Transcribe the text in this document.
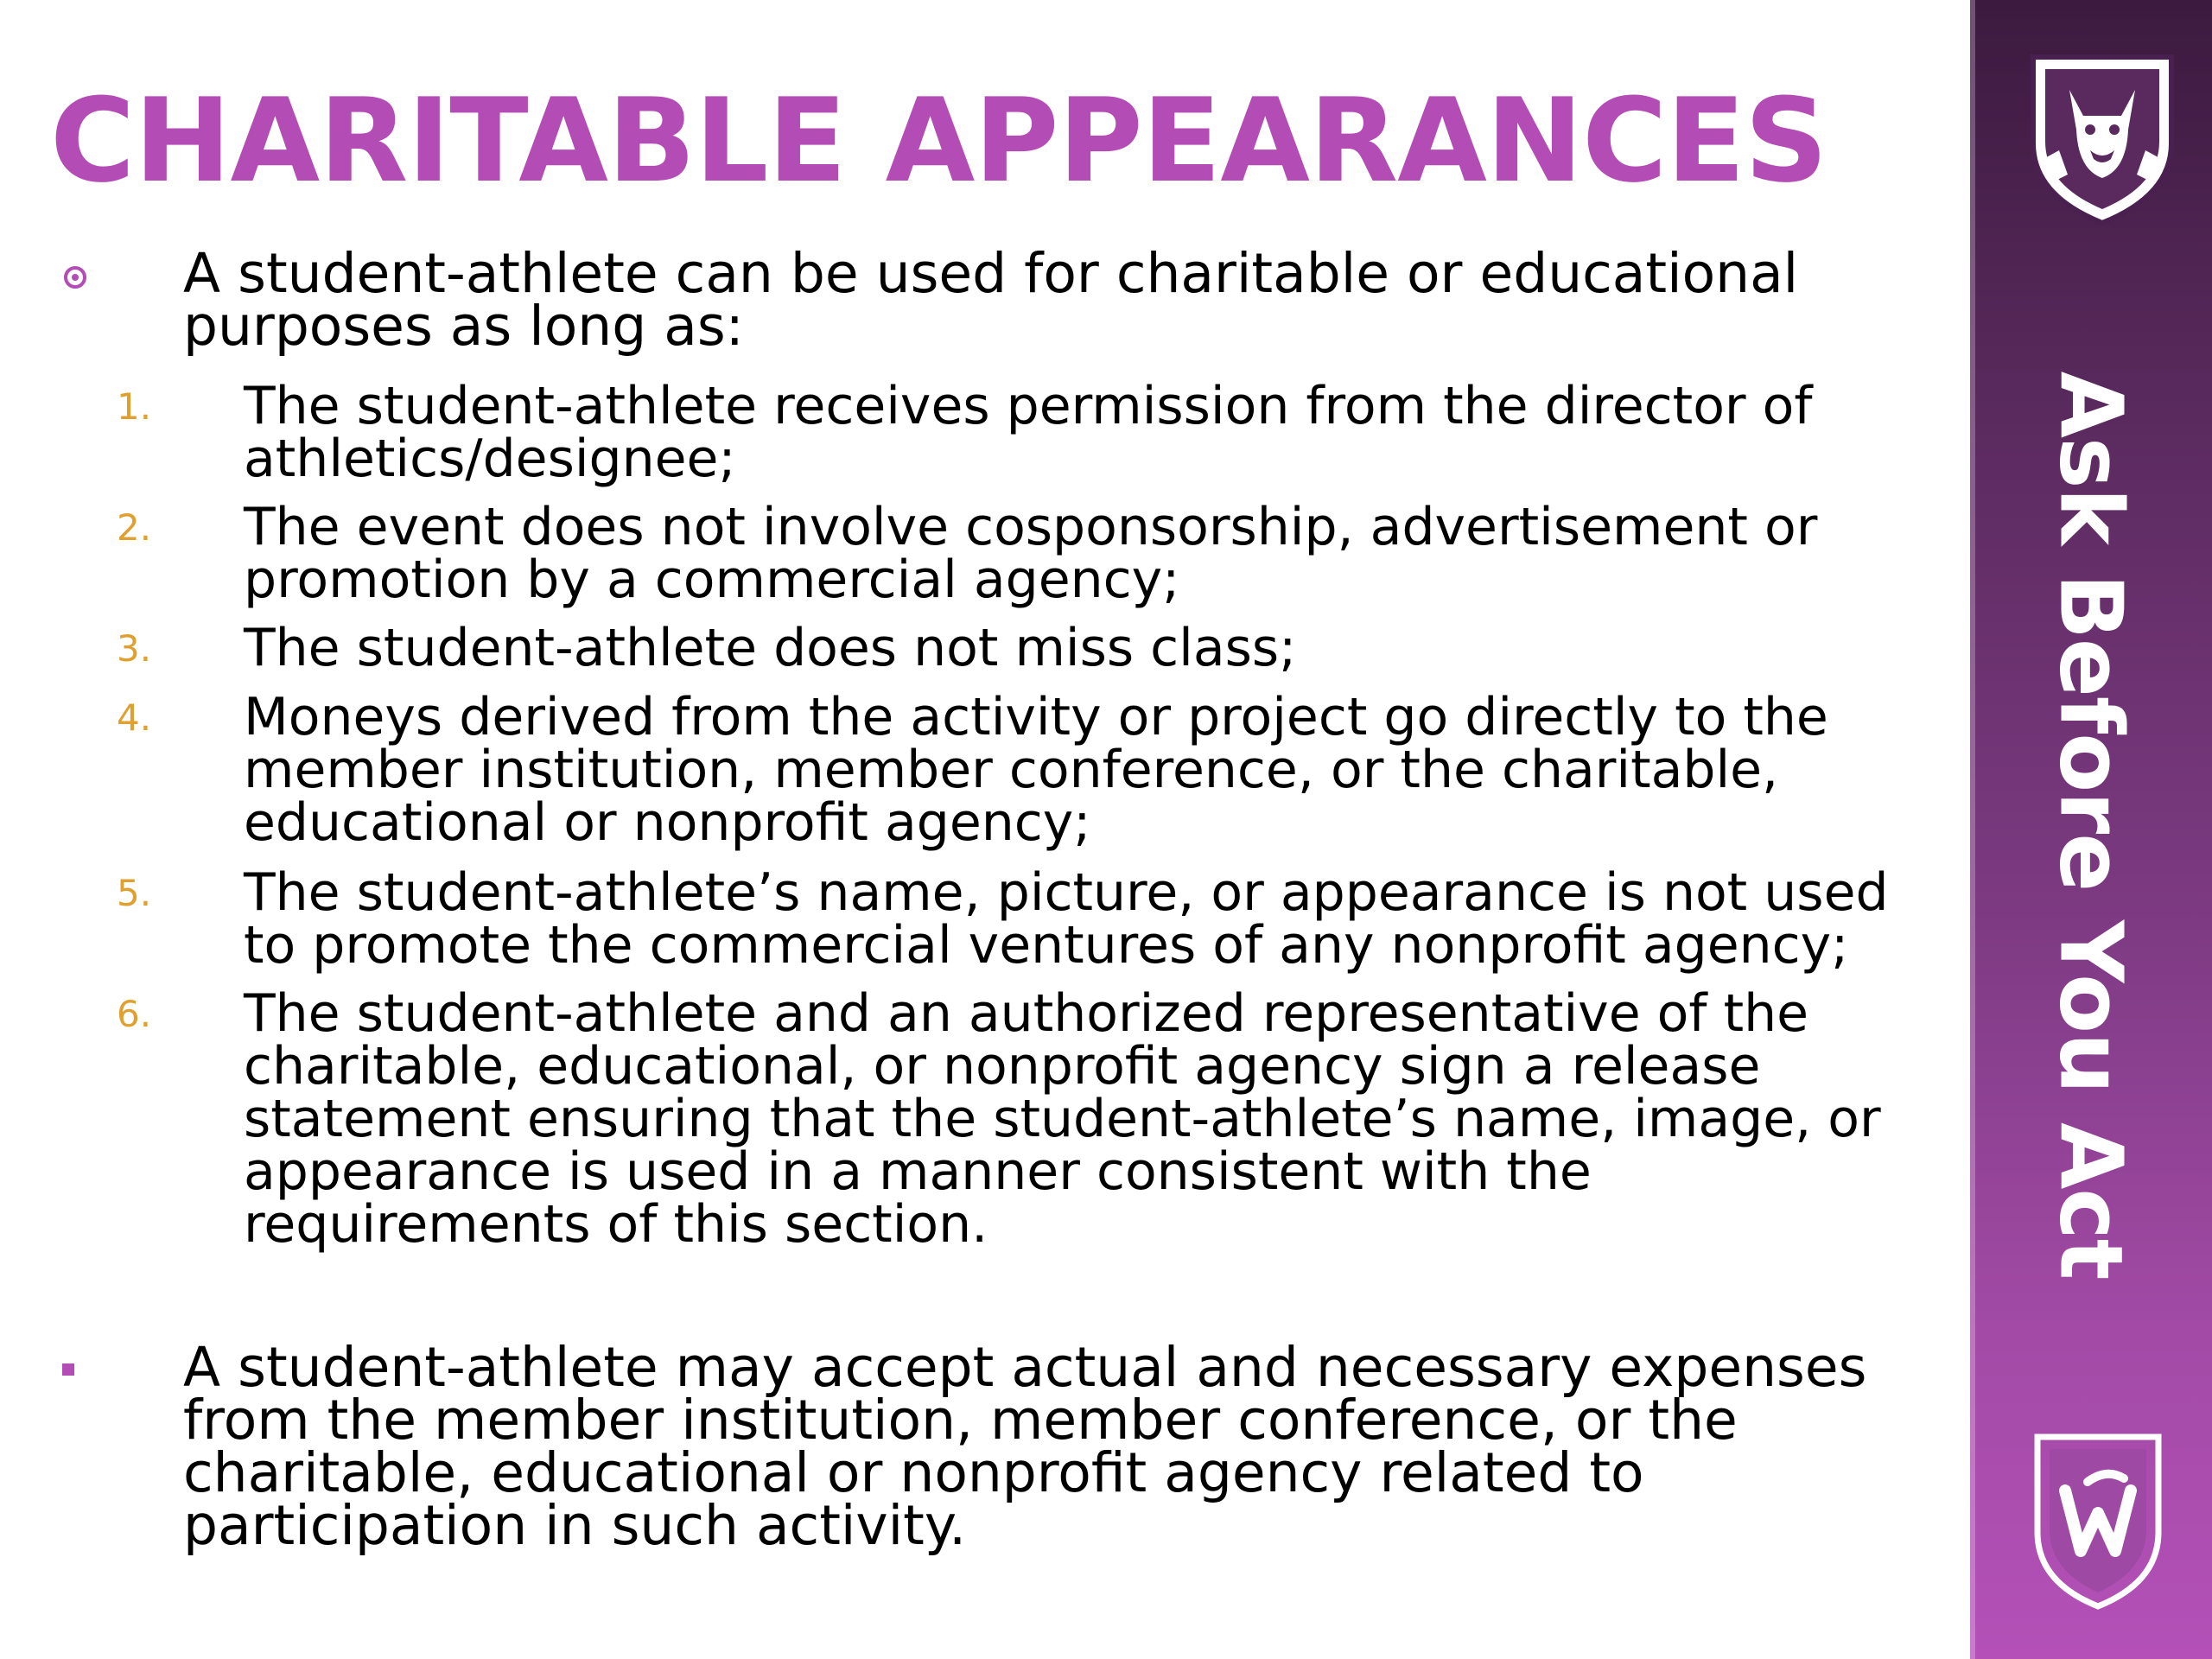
CHARITABLE APPEARANCES
A student-athlete can be used for charitable or educational purposes as long as:
1. The student-athlete receives permission from the director of athletics/designee;
2. The event does not involve cosponsorship, advertisement or promotion by a commercial agency;
3. The student-athlete does not miss class;
4. Moneys derived from the activity or project go directly to the member institution, member conference, or the charitable, educational or nonprofit agency;
5. The student-athlete’s name, picture, or appearance is not used to promote the commercial ventures of any nonprofit agency;
6. The student-athlete and an authorized representative of the charitable, educational, or nonprofit agency sign a release statement ensuring that the student-athlete’s name, image, or appearance is used in a manner consistent with the requirements of this section.
A student-athlete may accept actual and necessary expenses from the member institution, member conference, or the charitable, educational or nonprofit agency related to participation in such activity.
Ask Before You Act
